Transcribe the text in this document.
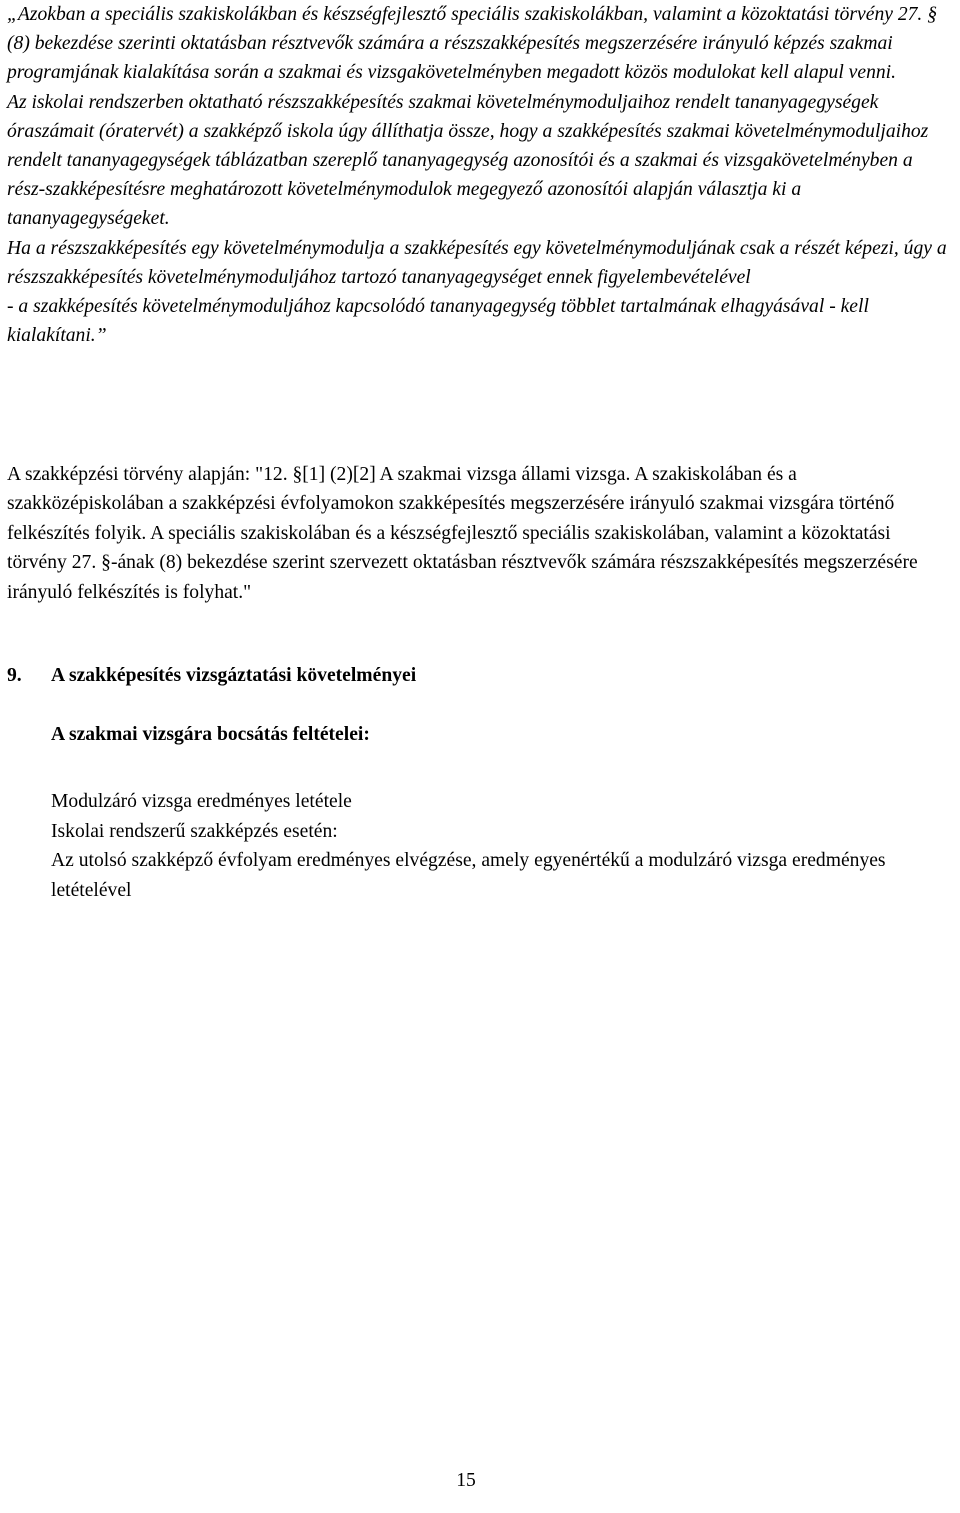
„Azokban a speciális szakiskolákban és készségfejlesztő speciális szakiskolákban, valamint a közoktatási törvény 27. § (8) bekezdése szerinti oktatásban résztvevők számára a részszakképesítés megszerzésére irányuló képzés szakmai programjának kialakítása során a szakmai és vizsgakövetelményben megadott közös modulokat kell alapul venni.

Az iskolai rendszerben oktatható részszakképesítés szakmai követelménymoduljaihoz rendelt tananyagegységek óraszámait (óratervét) a szakképző iskola úgy állíthatja össze, hogy a szakképesítés szakmai követelménymoduljaihoz rendelt tananyagegységek táblázatban szereplő tananyagegység azonosítói és a szakmai és vizsgakövetelményben a rész-szakképesítésre meghatározott követelménymodulok megegyező azonosítói alapján választja ki a tananyagegységeket.

Ha a részszakképesítés egy követelménymodulja a szakképesítés egy követelménymoduljának csak a részét képezi, úgy a részszakképesítés követelménymoduljához tartozó tananyagegységet ennek figyelembevételével

- a szakképesítés követelménymoduljához kapcsolódó tananyagegység többlet tartalmának elhagyásával - kell kialakítani.”

A szakképzési törvény alapján: "12. §[1] (2)[2] A szakmai vizsga állami vizsga. A szakiskolában és a szakközépiskolában a szakképzési évfolyamokon szakképesítés megszerzésére irányuló szakmai vizsgára történő felkészítés folyik. A speciális szakiskolában és a készségfejlesztő speciális szakiskolában, valamint a közoktatási törvény 27. §-ának (8) bekezdése szerint szervezett oktatásban résztvevők számára részszakképesítés megszerzésére irányuló felkészítés is folyhat."

9. A szakképesítés vizsgáztatási követelményei
A szakmai vizsgára bocsátás feltételei:

Modulzáró vizsga eredményes letétele

Iskolai rendszerű szakképzés esetén:

Az utolsó szakképző évfolyam eredményes elvégzése, amely egyenértékű a modulzáró vizsga eredményes letételével

15
